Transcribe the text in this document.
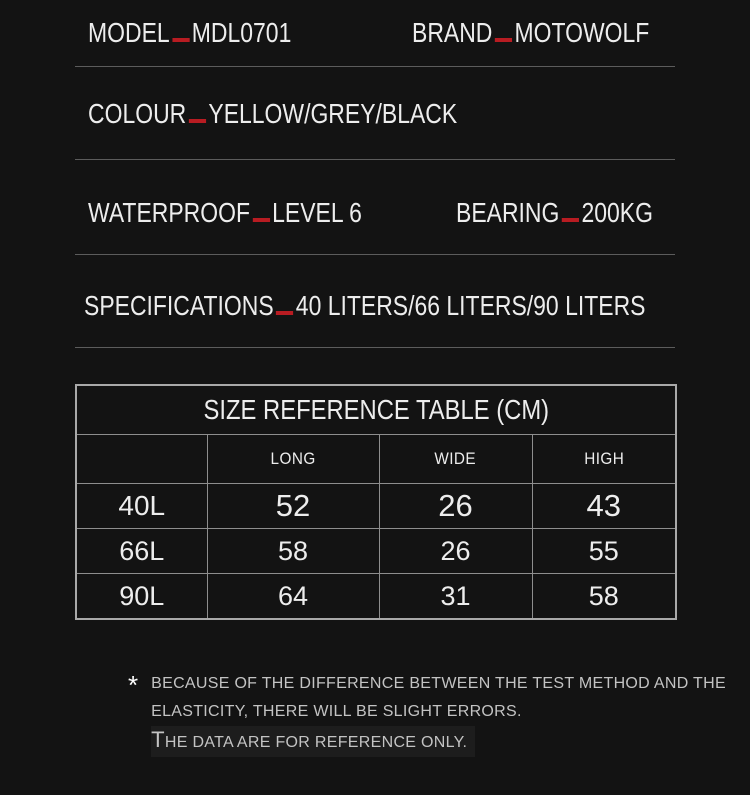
MODEL MDL0701	BRAND MOTOWOLF
COLOUR YELLOW/GREY/BLACK
WATERPROOF LEVEL 6	BEARING 200KG
SPECIFICATIONS 40 LITERS/66 LITERS/90 LITERS
SIZE REFERENCE TABLE (CM)			
	LONG	WIDE	HIGH
40L	52	26	43
66L	58	26	55
90L	64	31	58
* BECAUSE OF THE DIFFERENCE BETWEEN THE TEST METHOD AND THE
ELASTICITY, THERE WILL BE SLIGHT ERRORS.
THE DATA ARE FOR REFERENCE ONLY.
